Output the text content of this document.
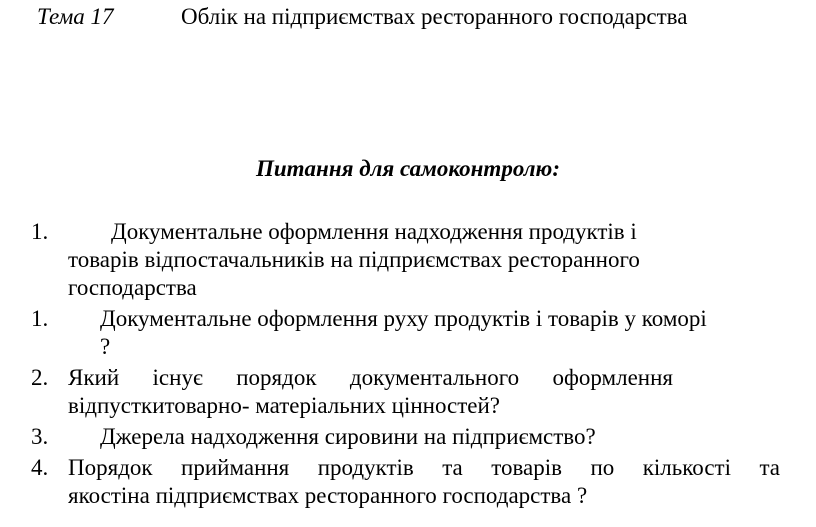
Тема 17	Облік на підприємствах ресторанного господарства
Питання для самоконтролю:
1.	Документальне оформлення надходження продуктів і
товарів відпостачальників на підприємствах ресторанного
господарства
1.	Документальне оформлення руху продуктів і товарів у коморі
?
2. Який існує порядок документального оформлення
відпусткитоварно- матеріальних цінностей?
3.	Джерела надходження сировини на підприємство?
4. Порядок приймання продуктів та товарів по кількості та
якостіна підприємствах ресторанного господарства ?
